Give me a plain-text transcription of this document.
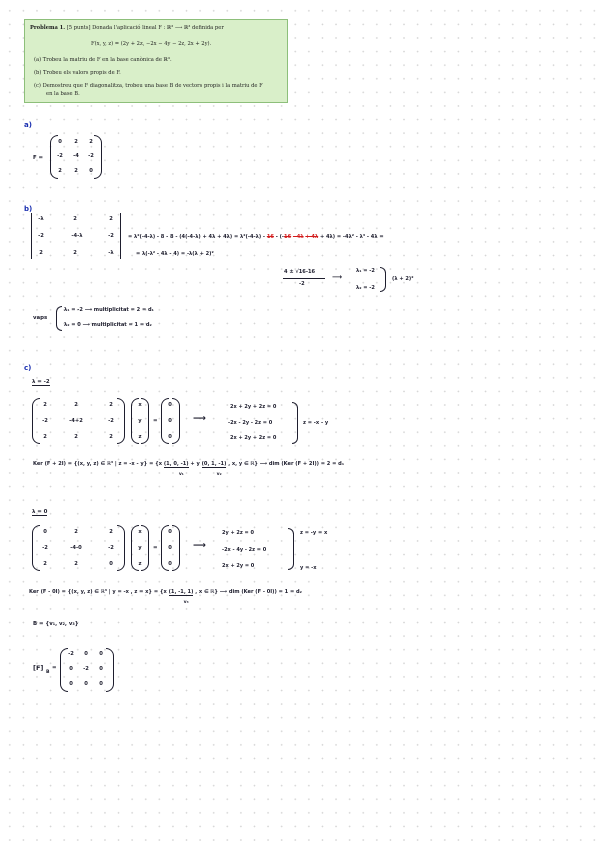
Problema 1. [5 punts] Donada l'aplicació lineal F : ℝ³ ⟶ ℝ³ definida per
F(x, y, z) = (2y + 2z, −2x − 4y − 2z, 2x + 2y).
(a) Trobeu la matriu de F en la base canònica de ℝ³.
(b) Trobeu els valors propis de F.
(c) Demostreu que F diagonalitza, trobeu una base B de vectors propis i la matriu de F
en la base B.
a)
F =
0	2	2
-2	-4	-2
2	2	0
b)
-λ	2	2
-2	-4-λ	-2
2	2	-λ
= λ²(-4-λ) - 8 - 8 - (4(-4-λ) + 4λ + 4λ) = λ²(-4-λ) - 16 - (-16 - 4λ + 4λ + 4λ) = -4λ² - λ³ - 4λ =
= λ(-λ² - 4λ - 4) = -λ(λ + 2)²
4 ± √16-16
-2
⟶
λ₁ = -2
λ₂ = -2
(λ + 2)²
vaps
λ₁ = -2 ⟶ multiplicitat = 2 = d₁
λ₂ = 0 ⟶ multiplicitat = 1 = d₂
c)
λ = -2
2	2	2
-2	-4+2	-2
2	2	2
x
y
z
=
0
0
0
⟶
2x + 2y + 2z = 0
-2x - 2y - 2z = 0
2x + 2y + 2z = 0
z = -x - y
Ker (F + 2I) = {(x, y, z) ∈ ℝ³ | z = -x - y} = {x (1, 0, -1)
v₁
+ y (0, 1, -1)
v₂
, x, y ∈ ℝ} ⟶ dim (Ker (F + 2I)) = 2 = d₁
λ = 0
0	2	2
-2	-4-0	-2
2	2	0
x
y
z
=
0
0
0
⟶
2y + 2z = 0
-2x - 4y - 2z = 0
2x + 2y = 0
z = -y = x
y = -x
Ker (F - 0I) = {(x, y, z) ∈ ℝ³ | y = -x , z = x} = {x (1, -1, 1)
v₃
, x ∈ ℝ} ⟶ dim (Ker (F - 0I)) = 1 = d₂
B = {v₁, v₂, v₃}
[F]
B
=
-2	0	0
0	-2	0
0	0	0
